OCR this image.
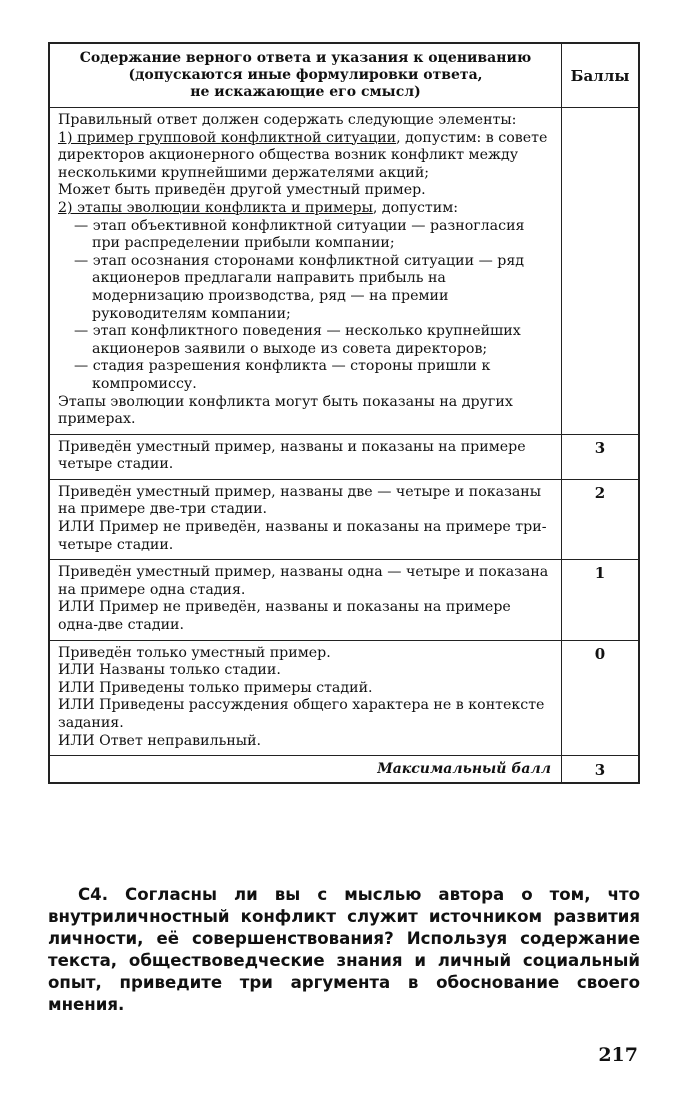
Содержание верного ответа и указания к оцениванию
(допускаются иные формулировки ответа,
не искажающие его смысл)
Баллы

Правильный ответ должен содержать следующие элементы:

1) пример групповой конфликтной ситуации, допустим: в совете директоров акционерного общества возник конфликт между несколькими крупнейшими держателями акций;

Может быть приведён другой уместный пример.

2) этапы эволюции конфликта и примеры, допустим:

— этап объективной конфликтной ситуации — разногласия при распределении прибыли компании;

— этап осознания сторонами конфликтной ситуации — ряд акционеров предлагали направить прибыль на модернизацию производства, ряд — на премии руководителям компании;

— этап конфликтного поведения — несколько крупнейших акционеров заявили о выходе из совета директоров;

— стадия разрешения конфликта — стороны пришли к компромиссу.

Этапы эволюции конфликта могут быть показаны на других примерах.

Приведён уместный пример, названы и показаны на примере четыре стадии.

3

Приведён уместный пример, названы две — четыре и показаны на примере две-три стадии.

ИЛИ Пример не приведён, названы и показаны на примере три-четыре стадии.

2

Приведён уместный пример, названы одна — четыре и показана на примере одна стадия.

ИЛИ Пример не приведён, названы и показаны на примере одна-две стадии.

1

Приведён только уместный пример.

ИЛИ Названы только стадии.

ИЛИ Приведены только примеры стадий.

ИЛИ Приведены рассуждения общего характера не в контексте задания.

ИЛИ Ответ неправильный.

0
Максимальный балл	3

С4. Согласны ли вы с мыслью автора о том, что внутриличностный конфликт служит источником развития личности, её совершенствования? Используя содержание текста, обществоведческие знания и личный социальный опыт, приведите три аргумента в обоснование своего мнения.

217
